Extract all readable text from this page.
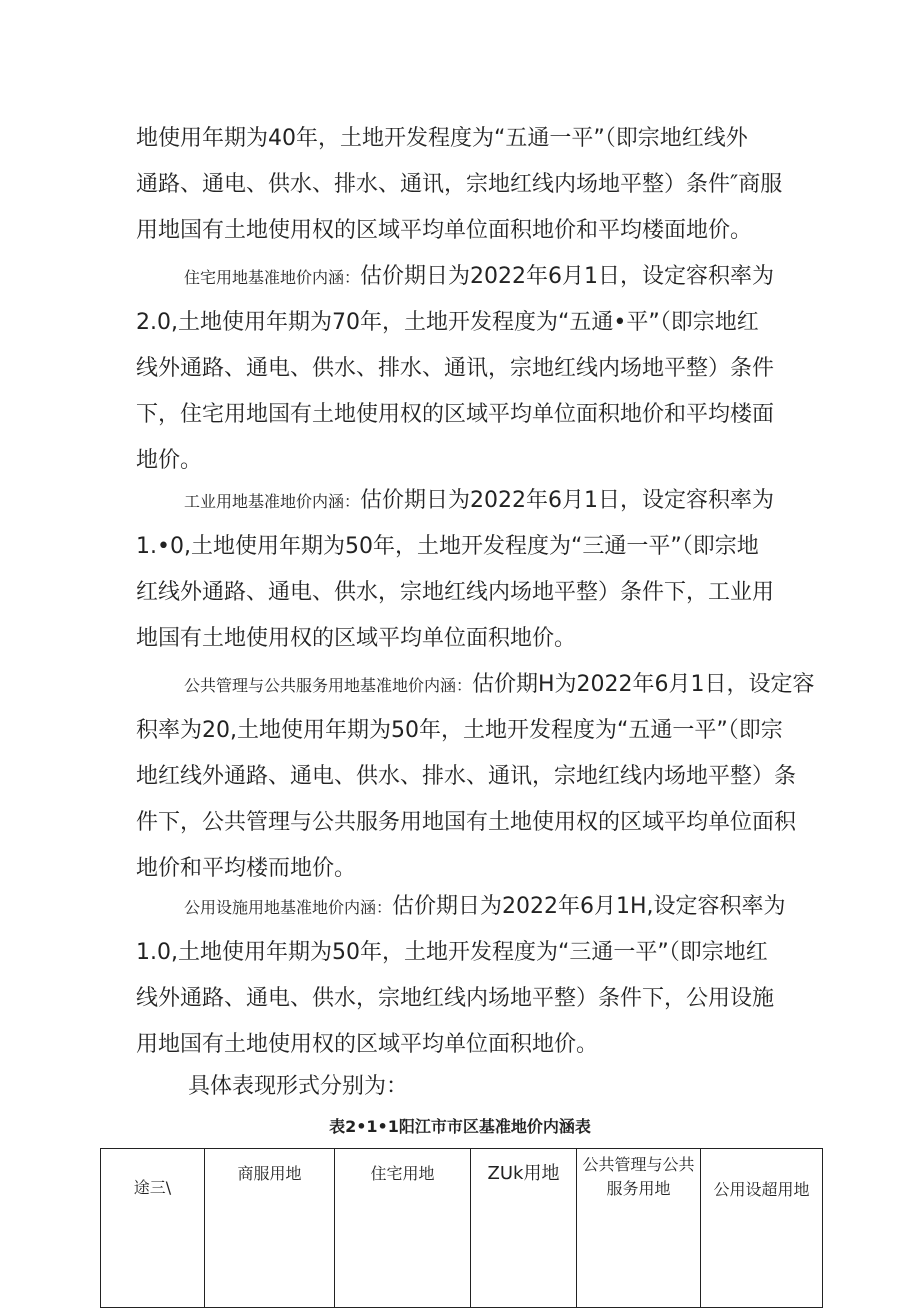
地使用年期为40年，土地开发程度为“五通一平”（即宗地红线外
通路、通电、供水、排水、通讯，宗地红线内场地平整）条件″商服
用地国有土地使用权的区域平均单位面积地价和平均楼面地价。
住宅用地基准地价内涵：估价期日为2022年6月1日，设定容积率为
2.0,土地使用年期为70年，土地开发程度为“五通•平”（即宗地红
线外通路、通电、供水、排水、通讯，宗地红线内场地平整）条件
下，住宅用地国有土地使用权的区域平均单位面积地价和平均楼面
地价。
工业用地基准地价内涵：估价期日为2022年6月1日，设定容积率为
1.•0,土地使用年期为50年，土地开发程度为“三通一平”（即宗地
红线外通路、通电、供水，宗地红线内场地平整）条件下，工业用
地国有土地使用权的区域平均单位面积地价。
公共管理与公共服务用地基准地价内涵：估价期H为2022年6月1日，设定容
积率为20,土地使用年期为50年，土地开发程度为“五通一平”（即宗
地红线外通路、通电、供水、排水、通讯，宗地红线内场地平整）条
件下，公共管理与公共服务用地国有土地使用权的区域平均单位面积
地价和平均楼而地价。
公用设施用地基准地价内涵：估价期日为2022年6月1H,设定容积率为
1.0,土地使用年期为50年，土地开发程度为“三通一平”（即宗地红
线外通路、通电、供水，宗地红线内场地平整）条件下，公用设施
用地国有土地使用权的区域平均单位面积地价。
具体表现形式分别为：
表2•1•1阳江市市区基准地价内涵表
途三\	商服用地	住宅用地	ZUk用地	公共管理与公共
服务用地	公用设超用地
